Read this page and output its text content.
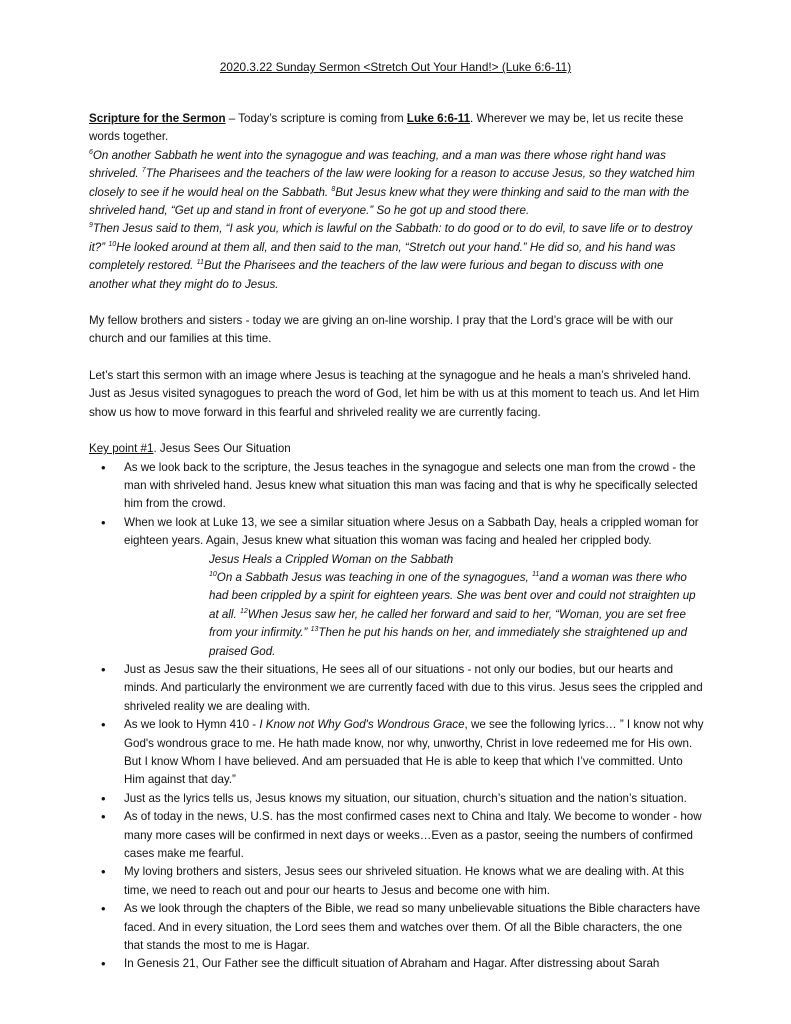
2020.3.22 Sunday Sermon <Stretch Out Your Hand!> (Luke 6:6-11)

Scripture for the Sermon – Today’s scripture is coming from Luke 6:6-11. Wherever we may be, let us recite these words together.

$^6$On another Sabbath he went into the synagogue and was teaching, and a man was there whose right hand was shriveled. $^7$The Pharisees and the teachers of the law were looking for a reason to accuse Jesus, so they watched him closely to see if he would heal on the Sabbath. $^8$But Jesus knew what they were thinking and said to the man with the shriveled hand, “Get up and stand in front of everyone.” So he got up and stood there.

$^9$Then Jesus said to them, “I ask you, which is lawful on the Sabbath: to do good or to do evil, to save life or to destroy it?” $^{10}$He looked around at them all, and then said to the man, “Stretch out your hand.” He did so, and his hand was completely restored. $^{11}$But the Pharisees and the teachers of the law were furious and began to discuss with one another what they might do to Jesus.

My fellow brothers and sisters - today we are giving an on-line worship. I pray that the Lord’s grace will be with our church and our families at this time.

Let’s start this sermon with an image where Jesus is teaching at the synagogue and he heals a man’s shriveled hand. Just as Jesus visited synagogues to preach the word of God, let him be with us at this moment to teach us. And let Him show us how to move forward in this fearful and shriveled reality we are currently facing.

Key point #1. Jesus Sees Our Situation

• As we look back to the scripture, the Jesus teaches in the synagogue and selects one man from the crowd - the man with shriveled hand. Jesus knew what situation this man was facing and that is why he specifically selected him from the crowd.
• When we look at Luke 13, we see a similar situation where Jesus on a Sabbath Day, heals a crippled woman for eighteen years. Again, Jesus knew what situation this woman was facing and healed her crippled body.
Jesus Heals a Crippled Woman on the Sabbath
$^{10}$On a Sabbath Jesus was teaching in one of the synagogues, $^{11}$and a woman was there who had been crippled by a spirit for eighteen years. She was bent over and could not straighten up at all. $^{12}$When Jesus saw her, he called her forward and said to her, “Woman, you are set free from your infirmity.” $^{13}$Then he put his hands on her, and immediately she straightened up and praised God.
• Just as Jesus saw the their situations, He sees all of our situations - not only our bodies, but our hearts and minds. And particularly the environment we are currently faced with due to this virus. Jesus sees the crippled and shriveled reality we are dealing with.
• As we look to Hymn 410 - I Know not Why God's Wondrous Grace, we see the following lyrics… ” I know not why God's wondrous grace to me. He hath made know, nor why, unworthy, Christ in love redeemed me for His own. But I know Whom I have believed. And am persuaded that He is able to keep that which I’ve committed. Unto Him against that day.”
• Just as the lyrics tells us, Jesus knows my situation, our situation, church’s situation and the nation’s situation.
• As of today in the news, U.S. has the most confirmed cases next to China and Italy. We become to wonder - how many more cases will be confirmed in next days or weeks…Even as a pastor, seeing the numbers of confirmed cases make me fearful.
• My loving brothers and sisters, Jesus sees our shriveled situation. He knows what we are dealing with. At this time, we need to reach out and pour our hearts to Jesus and become one with him.
• As we look through the chapters of the Bible, we read so many unbelievable situations the Bible characters have faced. And in every situation, the Lord sees them and watches over them. Of all the Bible characters, the one that stands the most to me is Hagar.
• In Genesis 21, Our Father see the difficult situation of Abraham and Hagar. After distressing about Sarah
